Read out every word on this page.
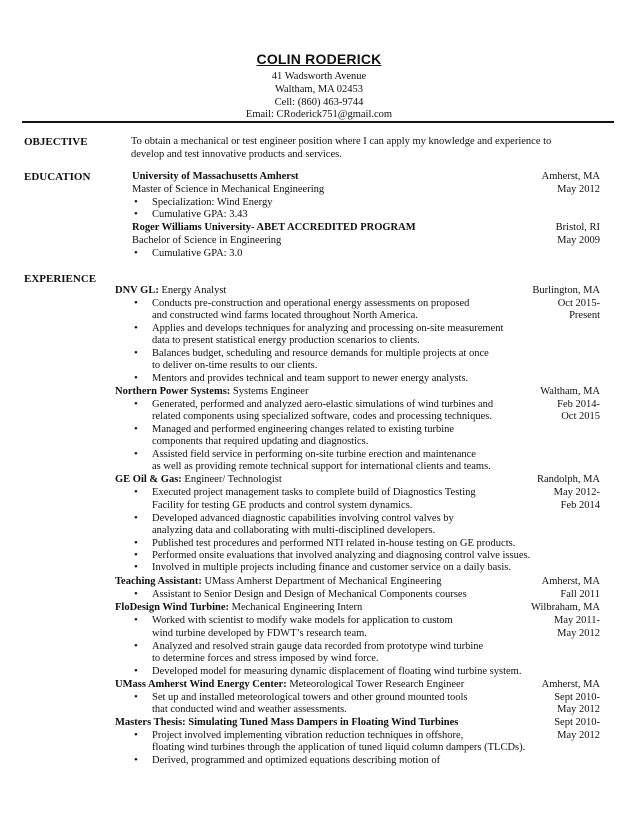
COLIN RODERICK
41 Wadsworth Avenue
Waltham, MA 02453
Cell: (860) 463-9744
Email: CRoderick751@gmail.com
OBJECTIVE	To obtain a mechanical or test engineer position where I can apply my knowledge and experience to
develop and test innovative products and services.
EDUCATION	University of Massachusetts Amherst	Amherst, MA
Master of Science in Mechanical Engineering	May 2012
• Specialization: Wind Energy
• Cumulative GPA: 3.43
Roger Williams University- ABET ACCREDITED PROGRAM	Bristol, RI
Bachelor of Science in Engineering	May 2009
• Cumulative GPA: 3.0
EXPERIENCE
DNV GL: Energy Analyst	Burlington, MA
• Conducts pre-construction and operational energy assessments on proposed	Oct 2015-
and constructed wind farms located throughout North America.	Present
• Applies and develops techniques for analyzing and processing on-site measurement
data to present statistical energy production scenarios to clients.
• Balances budget, scheduling and resource demands for multiple projects at once
to deliver on-time results to our clients.
• Mentors and provides technical and team support to newer energy analysts.
Northern Power Systems: Systems Engineer	Waltham, MA
• Generated, performed and analyzed aero-elastic simulations of wind turbines and	Feb 2014-
related components using specialized software, codes and processing techniques.	Oct 2015
• Managed and performed engineering changes related to existing turbine
components that required updating and diagnostics.
• Assisted field service in performing on-site turbine erection and maintenance
as well as providing remote technical support for international clients and teams.
GE Oil & Gas: Engineer/ Technologist	Randolph, MA
• Executed project management tasks to complete build of Diagnostics Testing	May 2012-
Facility for testing GE products and control system dynamics.	Feb 2014
• Developed advanced diagnostic capabilities involving control valves by
analyzing data and collaborating with multi-disciplined developers.
• Published test procedures and performed NTI related in-house testing on GE products.
• Performed onsite evaluations that involved analyzing and diagnosing control valve issues.
• Involved in multiple projects including finance and customer service on a daily basis.
Teaching Assistant: UMass Amherst Department of Mechanical Engineering	Amherst, MA
• Assistant to Senior Design and Design of Mechanical Components courses	Fall 2011
FloDesign Wind Turbine: Mechanical Engineering Intern	Wilbraham, MA
• Worked with scientist to modify wake models for application to custom	May 2011-
wind turbine developed by FDWT’s research team.	May 2012
• Analyzed and resolved strain gauge data recorded from prototype wind turbine
to determine forces and stress imposed by wind force.
• Developed model for measuring dynamic displacement of floating wind turbine system.
UMass Amherst Wind Energy Center: Meteorological Tower Research Engineer	Amherst, MA
• Set up and installed meteorological towers and other ground mounted tools	Sept 2010-
that conducted wind and weather assessments.	May 2012
Masters Thesis: Simulating Tuned Mass Dampers in Floating Wind Turbines	Sept 2010-
• Project involved implementing vibration reduction techniques in offshore,	May 2012
floating wind turbines through the application of tuned liquid column dampers (TLCDs).
• Derived, programmed and optimized equations describing motion of
